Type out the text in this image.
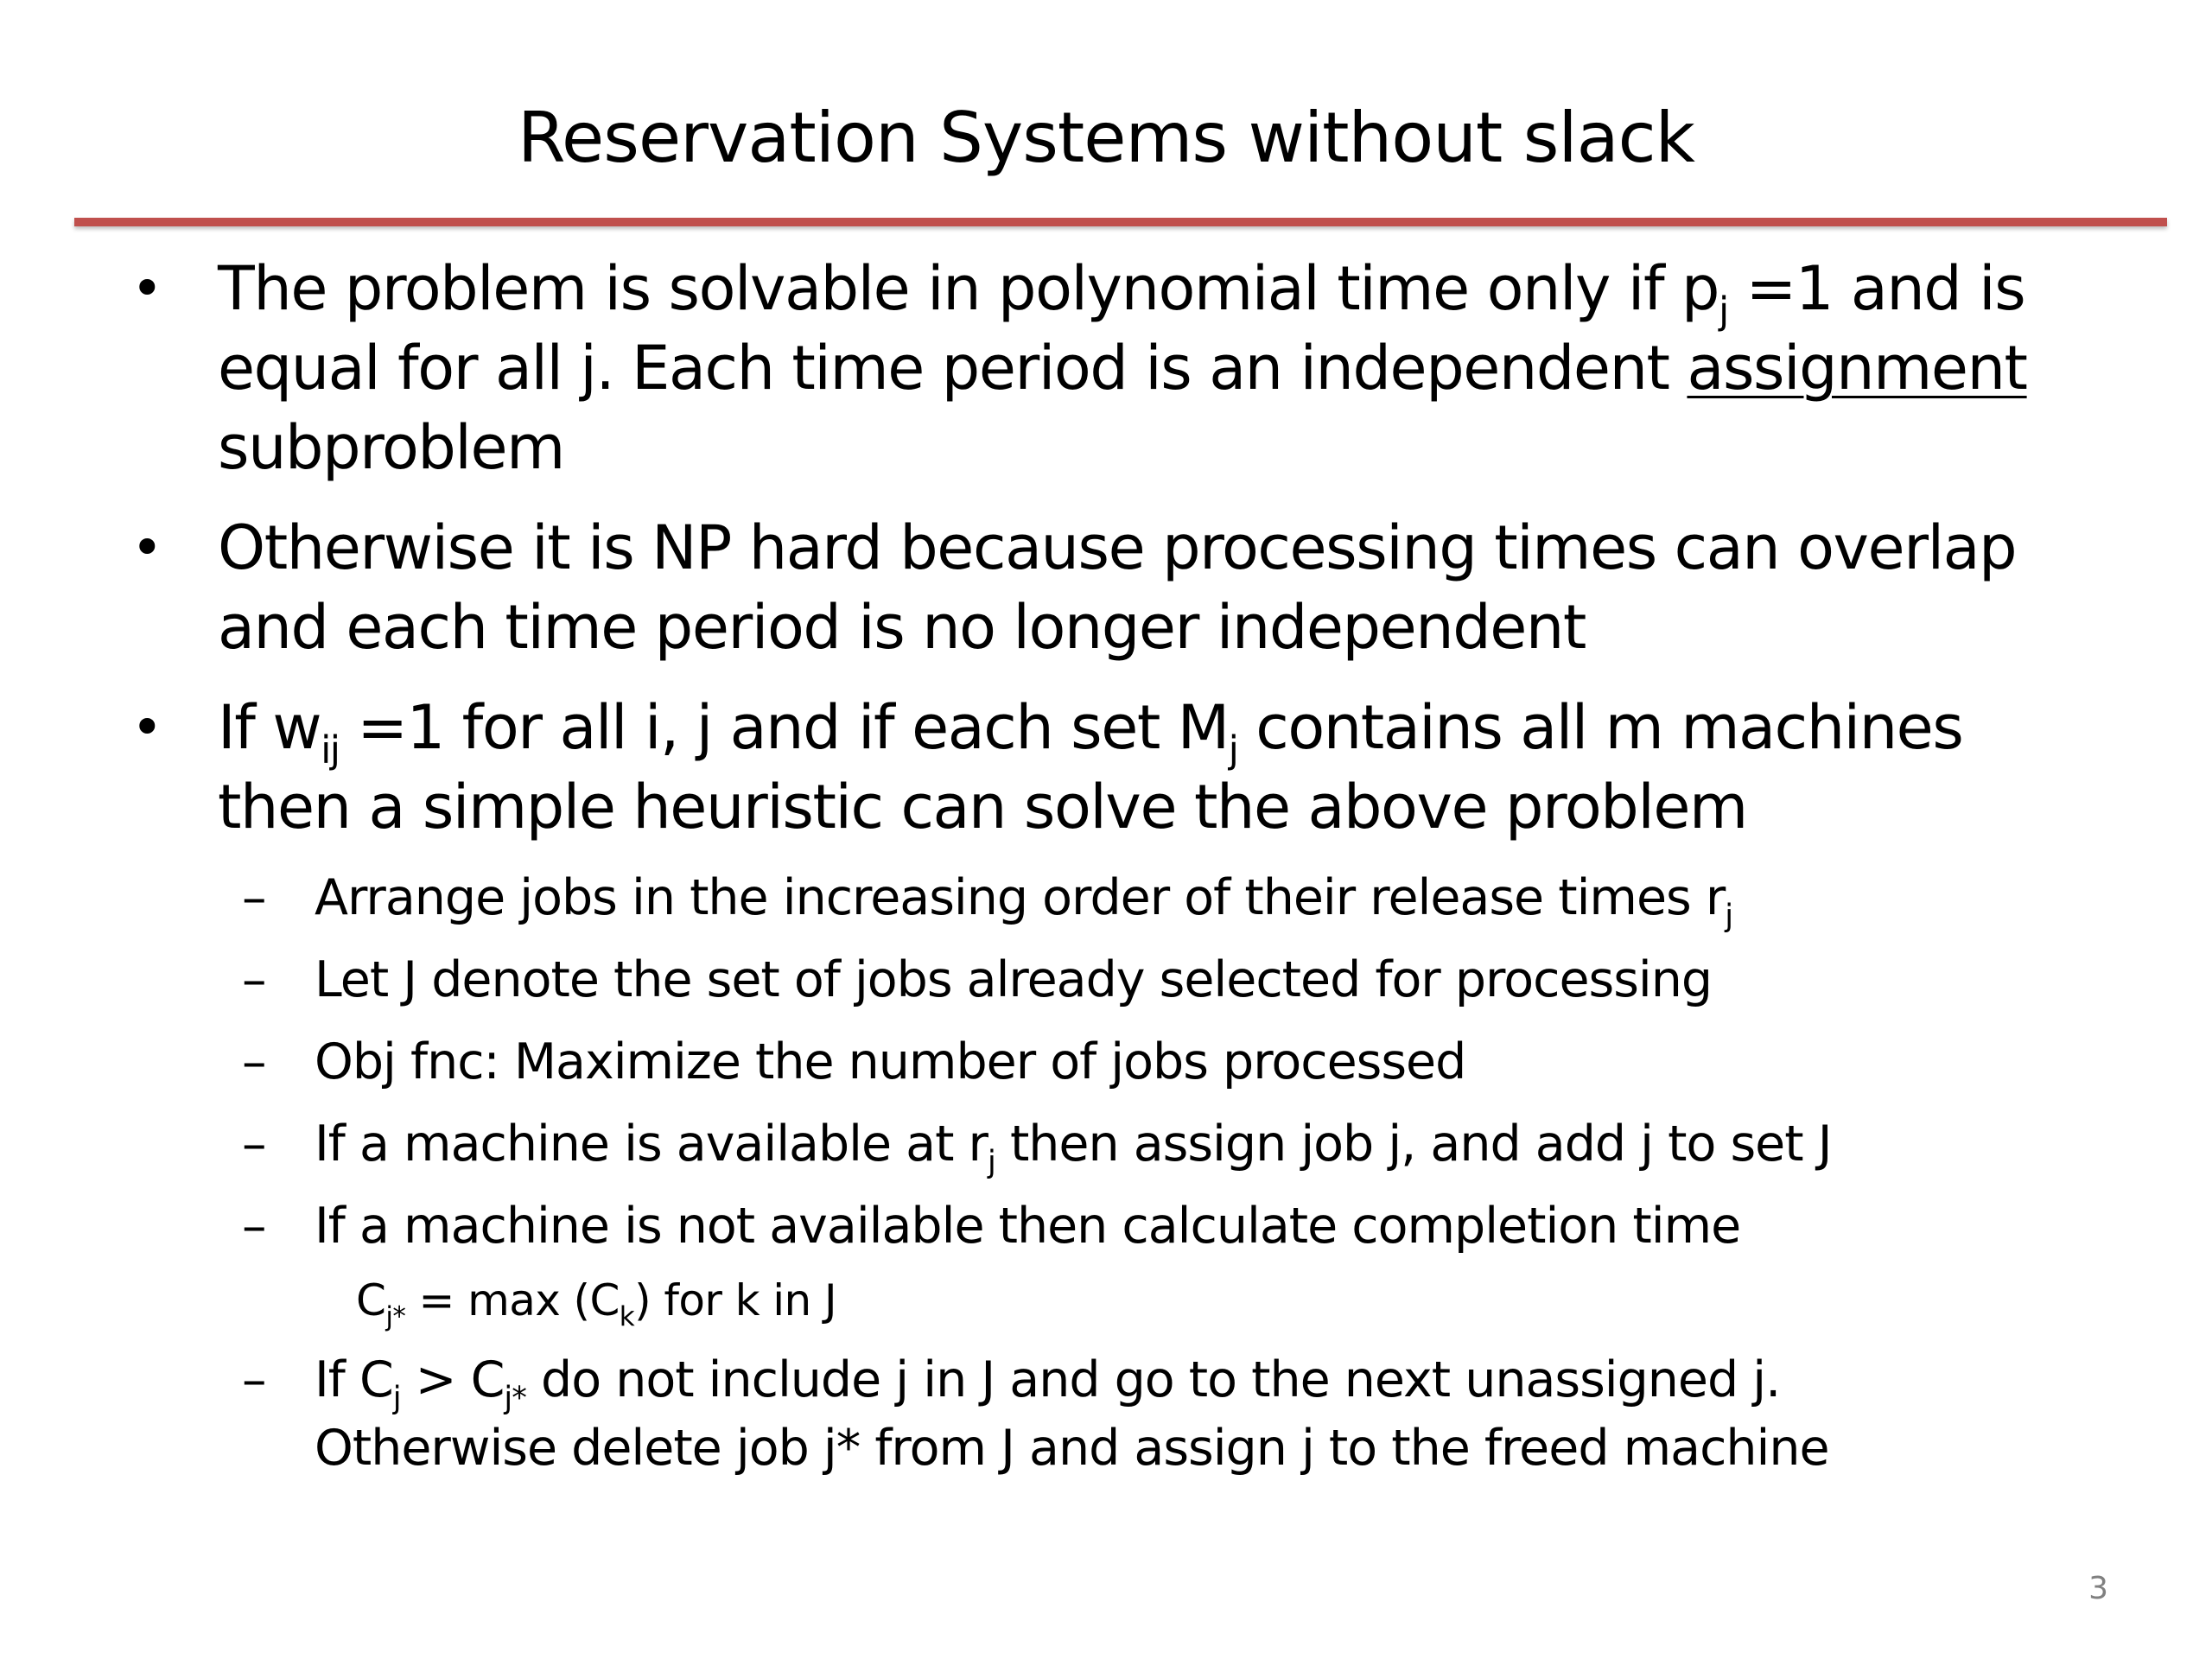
Reservation Systems without slack
• The problem is solvable in polynomial time only if $p_j =1$ and is
equal for all j. Each time period is an independent assignment
subproblem
• Otherwise it is NP hard because processing times can overlap
and each time period is no longer independent
• If $w_{ij} =1$ for all i, j and if each set $M_j$ contains all m machines
then a simple heuristic can solve the above problem
– Arrange jobs in the increasing order of their release times $r_j$
– Let J denote the set of jobs already selected for processing
– Obj fnc: Maximize the number of jobs processed
– If a machine is available at $r_j$ then assign job j, and add j to set J
– If a machine is not available then calculate completion time
$C_{j*} = \max (C_k)$ for k in J
– If $C_j > C_{j*}$ do not include j in J and go to the next unassigned j.
Otherwise delete job j* from J and assign j to the freed machine
3
